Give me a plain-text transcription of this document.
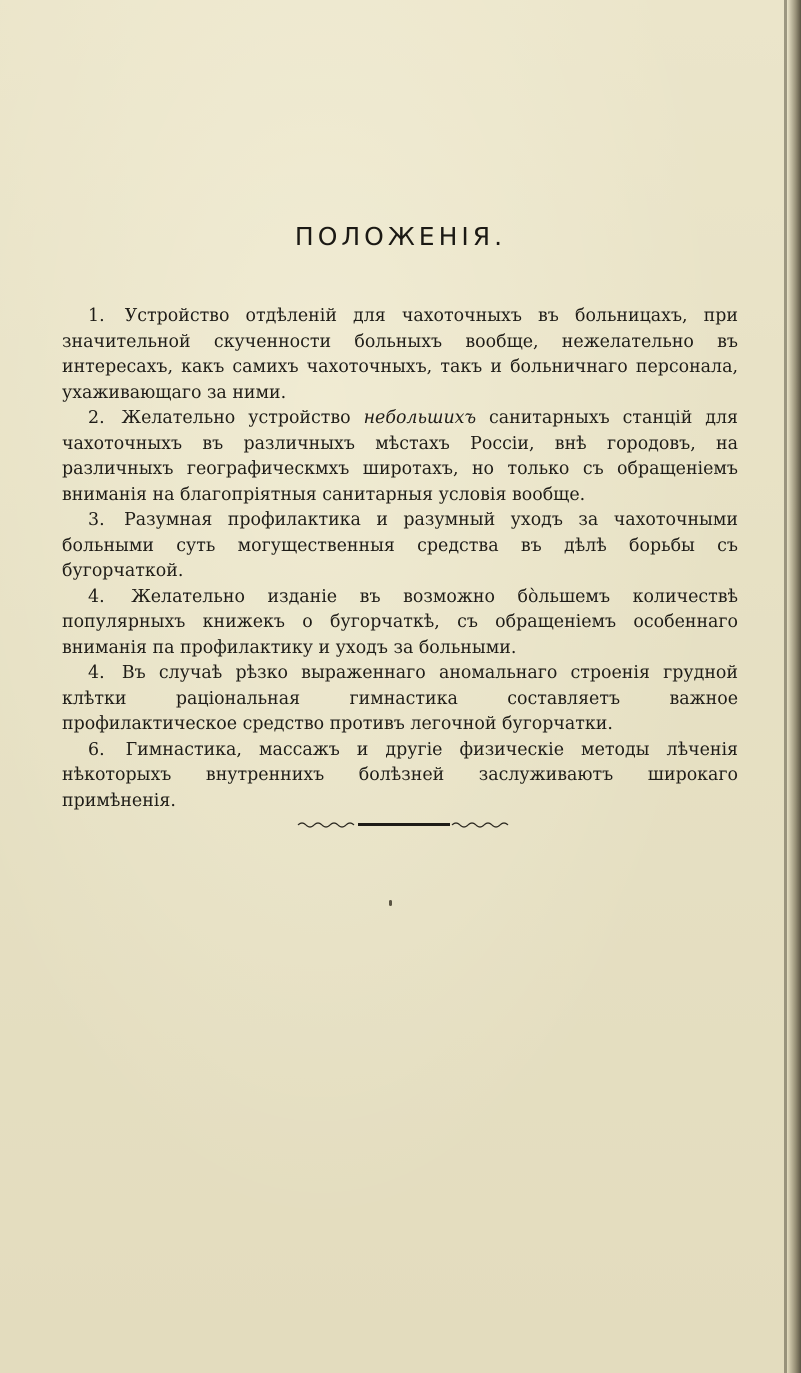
ПОЛОЖЕНІЯ.

1. Устройство отдѣленій для чахоточныхъ въ больницахъ, при значительной скученности больныхъ вообще, нежелательно въ интересахъ, какъ самихъ чахоточныхъ, такъ и больничнаго персонала, ухаживающаго за ними.

2. Желательно устройство небольшихъ санитарныхъ станцій для чахоточныхъ въ различныхъ мѣстахъ Россіи, внѣ городовъ, на различныхъ географическмхъ широтахъ, но только съ обращеніемъ вниманія на благопріятныя санитарныя условія вообще.

3. Разумная профилактика и разумный уходъ за чахоточными больными суть могущественныя средства въ дѣлѣ борьбы съ бугорчаткой.

4. Желательно изданіе въ возможно бо̀льшемъ количествѣ популярныхъ книжекъ о бугорчаткѣ, съ обращеніемъ особеннаго вниманія па профилактику и уходъ за больными.

4. Въ случаѣ рѣзко выраженнаго аномальнаго строенія грудной клѣтки раціональная гимнастика составляетъ важное профилактическое средство противъ легочной бугорчатки.

6. Гимнастика, массажъ и другіе физическіе методы лѣченія нѣкоторыхъ внутреннихъ болѣзней заслуживаютъ широкаго примѣненія.
